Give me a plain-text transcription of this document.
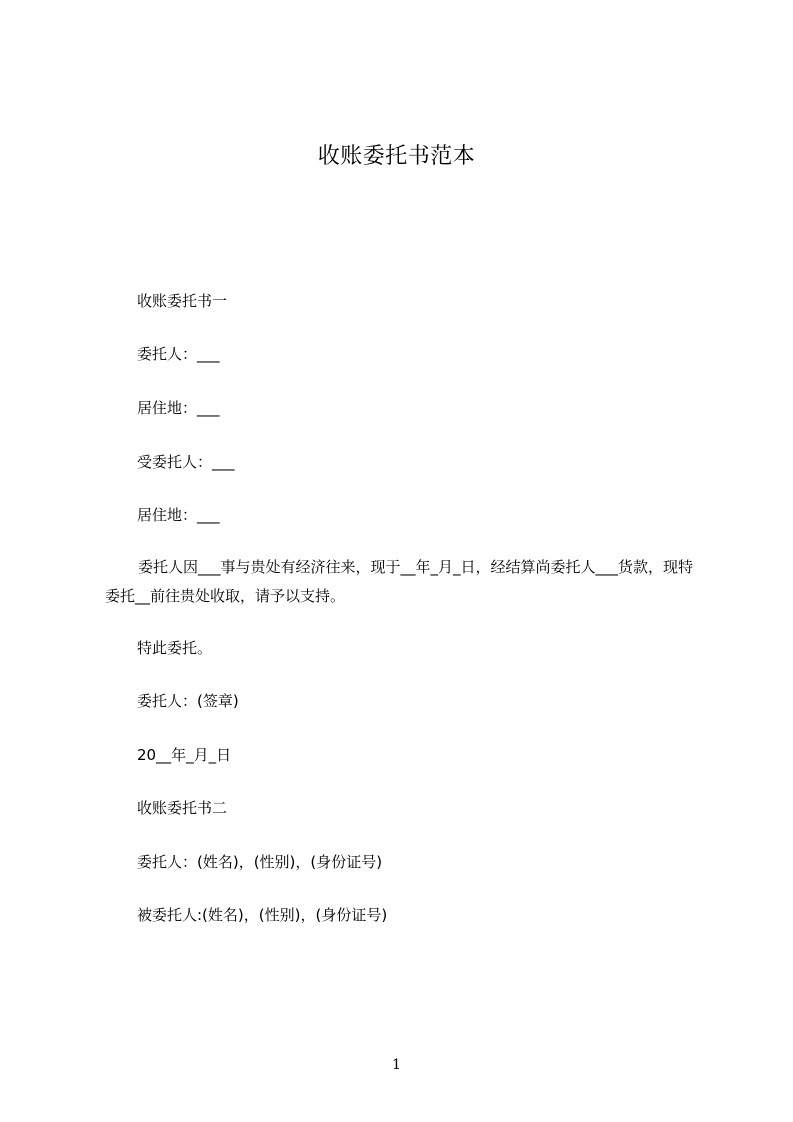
收账委托书范本

收账委托书一

委托人：___

居住地：___

受委托人：___

居住地：___

委托人因___事与贵处有经济往来，现于__年_月_日，经结算尚委托人___货款，现特委托__前往贵处收取，请予以支持。

特此委托。

委托人：(签章)

20__年_月_日

收账委托书二

委托人：(姓名)，(性别)，(身份证号)

被委托人:(姓名)，(性别)，(身份证号)

1
